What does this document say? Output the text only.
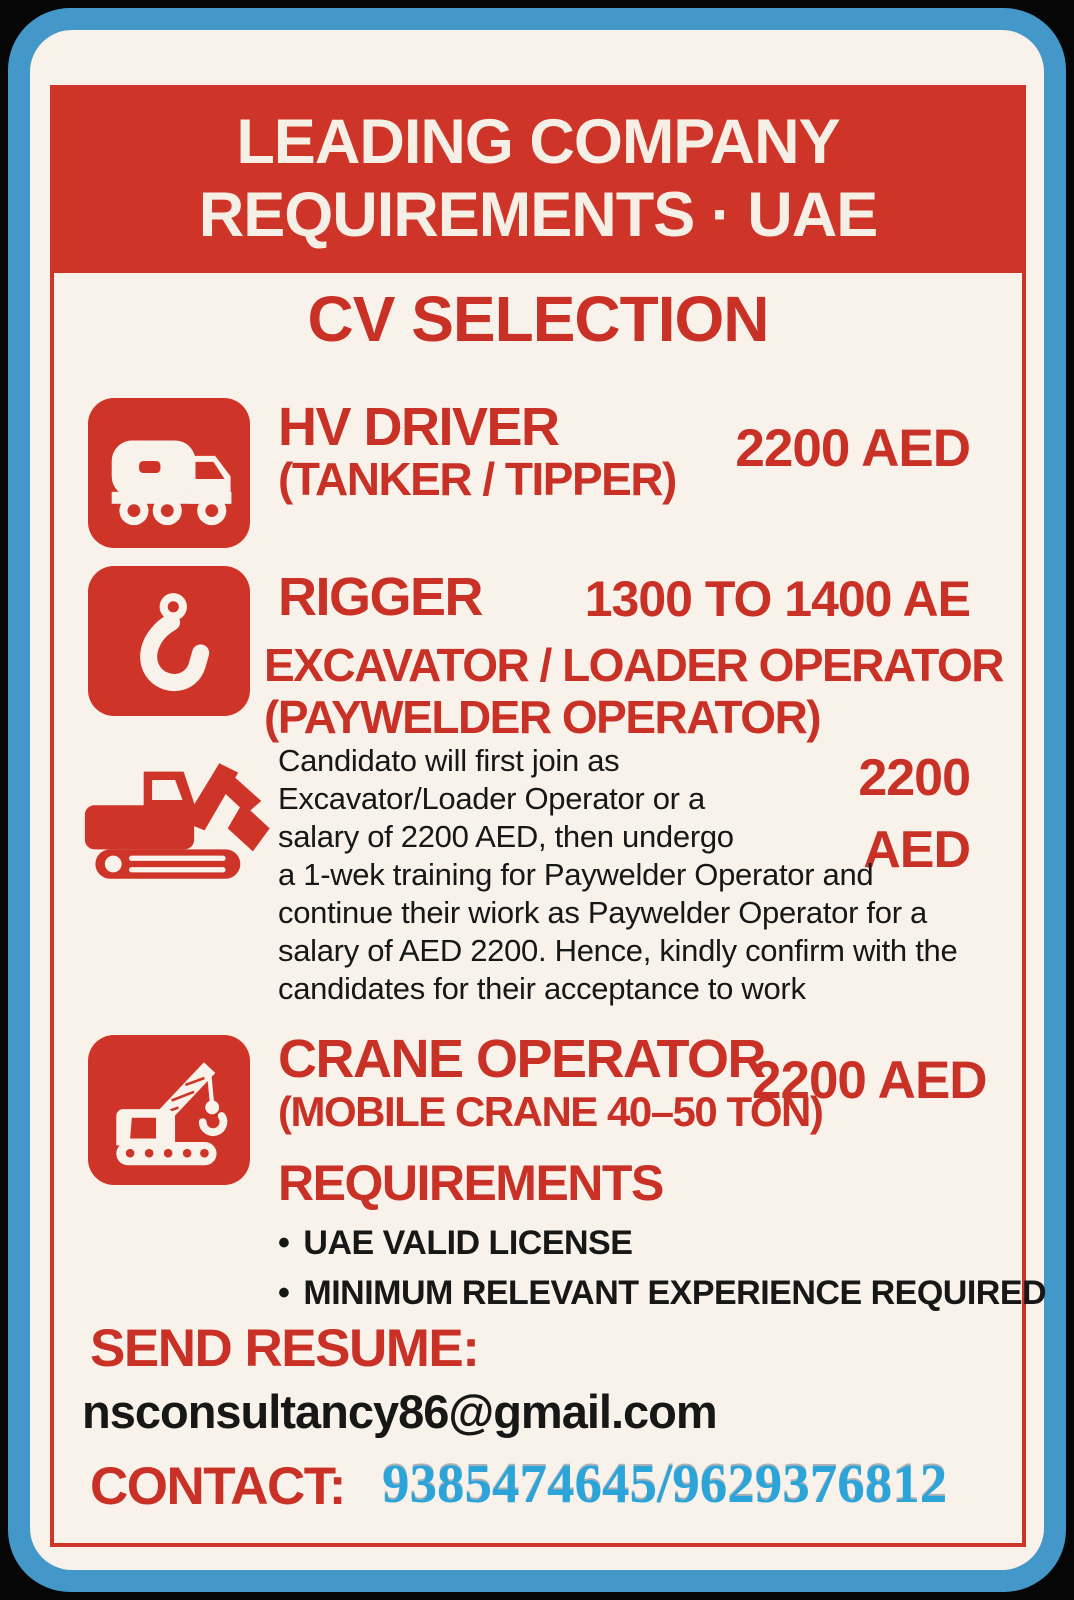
LEADING COMPANY
REQUIREMENTS · UAE
CV SELECTION
HV DRIVER
(TANKER / TIPPER)
2200 AED
RIGGER	1300 TO 1400 AE
EXCAVATOR / LOADER OPERATOR
(PAYWELDER OPERATOR)
2200 AED
Candidato will first join as Excavator/Loader Operator or a salary of 2200 AED, then undergo a 1-wek training for Paywelder Operator and continue their wiork as Paywelder Operator for a salary of AED 2200. Hence, kindly confirm with the candidates for their acceptance to work
CRANE OPERATOR
(MOBILE CRANE 40–50 TON)
2200 AED
REQUIREMENTS
• UAE VALID LICENSE
• MINIMUM RELEVANT EXPERIENCE REQUIRED
SEND RESUME:
nsconsultancy86@gmail.com
CONTACT: 9385474645/9629376812
